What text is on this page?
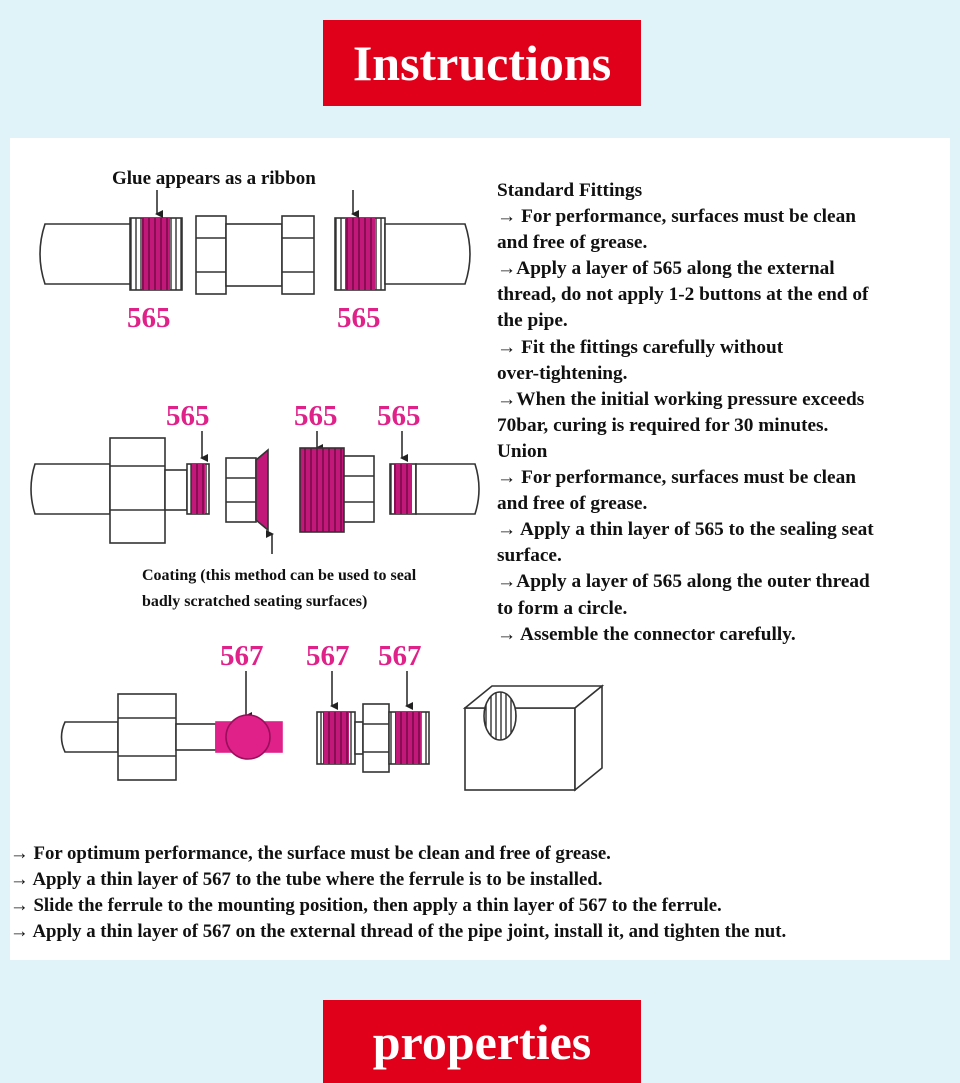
Instructions
Glue appears as a ribbon
565	565
565	565 565
Coating (this method can be used to seal
badly scratched seating surfaces)
567 567 567
Standard Fittings
→ For performance, surfaces must be clean
and free of grease.
→Apply a layer of 565 along the external
thread, do not apply 1-2 buttons at the end of
the pipe.
→ Fit the fittings carefully without
over-tightening.
→When the initial working pressure exceeds
70bar, curing is required for 30 minutes.
Union
→ For performance, surfaces must be clean
and free of grease.
→ Apply a thin layer of 565 to the sealing seat
surface.
→Apply a layer of 565 along the outer thread
to form a circle.
→ Assemble the connector carefully.
→ For optimum performance, the surface must be clean and free of grease.
→ Apply a thin layer of 567 to the tube where the ferrule is to be installed.
→ Slide the ferrule to the mounting position, then apply a thin layer of 567 to the ferrule.
→ Apply a thin layer of 567 on the external thread of the pipe joint, install it, and tighten the nut.
properties
